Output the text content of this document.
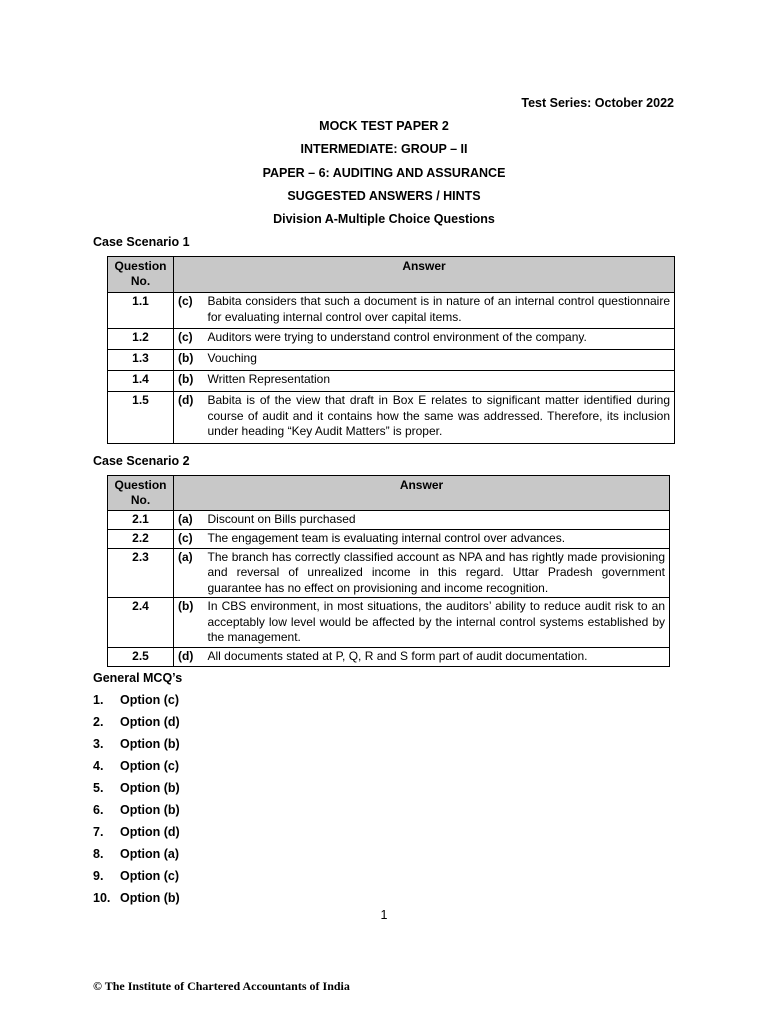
Test Series: October 2022
MOCK TEST PAPER 2
INTERMEDIATE: GROUP – II
PAPER – 6: AUDITING AND ASSURANCE
SUGGESTED ANSWERS / HINTS
Division A-Multiple Choice Questions
Case Scenario 1
Question No.	Answer	
1.1	(c)	Babita considers that such a document is in nature of an internal control questionnaire for evaluating internal control over capital items.
1.2	(c)	Auditors were trying to understand control environment of the company.
1.3	(b)	Vouching
1.4	(b)	Written Representation
1.5	(d)	Babita is of the view that draft in Box E relates to significant matter identified during course of audit and it contains how the same was addressed. Therefore, its inclusion under heading “Key Audit Matters” is proper.
Case Scenario 2
Question No.	Answer	
2.1	(a)	Discount on Bills purchased
2.2	(c)	The engagement team is evaluating internal control over advances.
2.3	(a)	The branch has correctly classified account as NPA and has rightly made provisioning and reversal of unrealized income in this regard. Uttar Pradesh government guarantee has no effect on provisioning and income recognition.
2.4	(b)	In CBS environment, in most situations, the auditors’ ability to reduce audit risk to an acceptably low level would be affected by the internal control systems established by the management.
2.5	(d)	All documents stated at P, Q, R and S form part of audit documentation.
General MCQ’s
1.	Option (c)
2.	Option (d)
3.	Option (b)
4.	Option (c)
5.	Option (b)
6.	Option (b)
7.	Option (d)
8.	Option (a)
9.	Option (c)
10. Option (b)
1
© The Institute of Chartered Accountants of India
